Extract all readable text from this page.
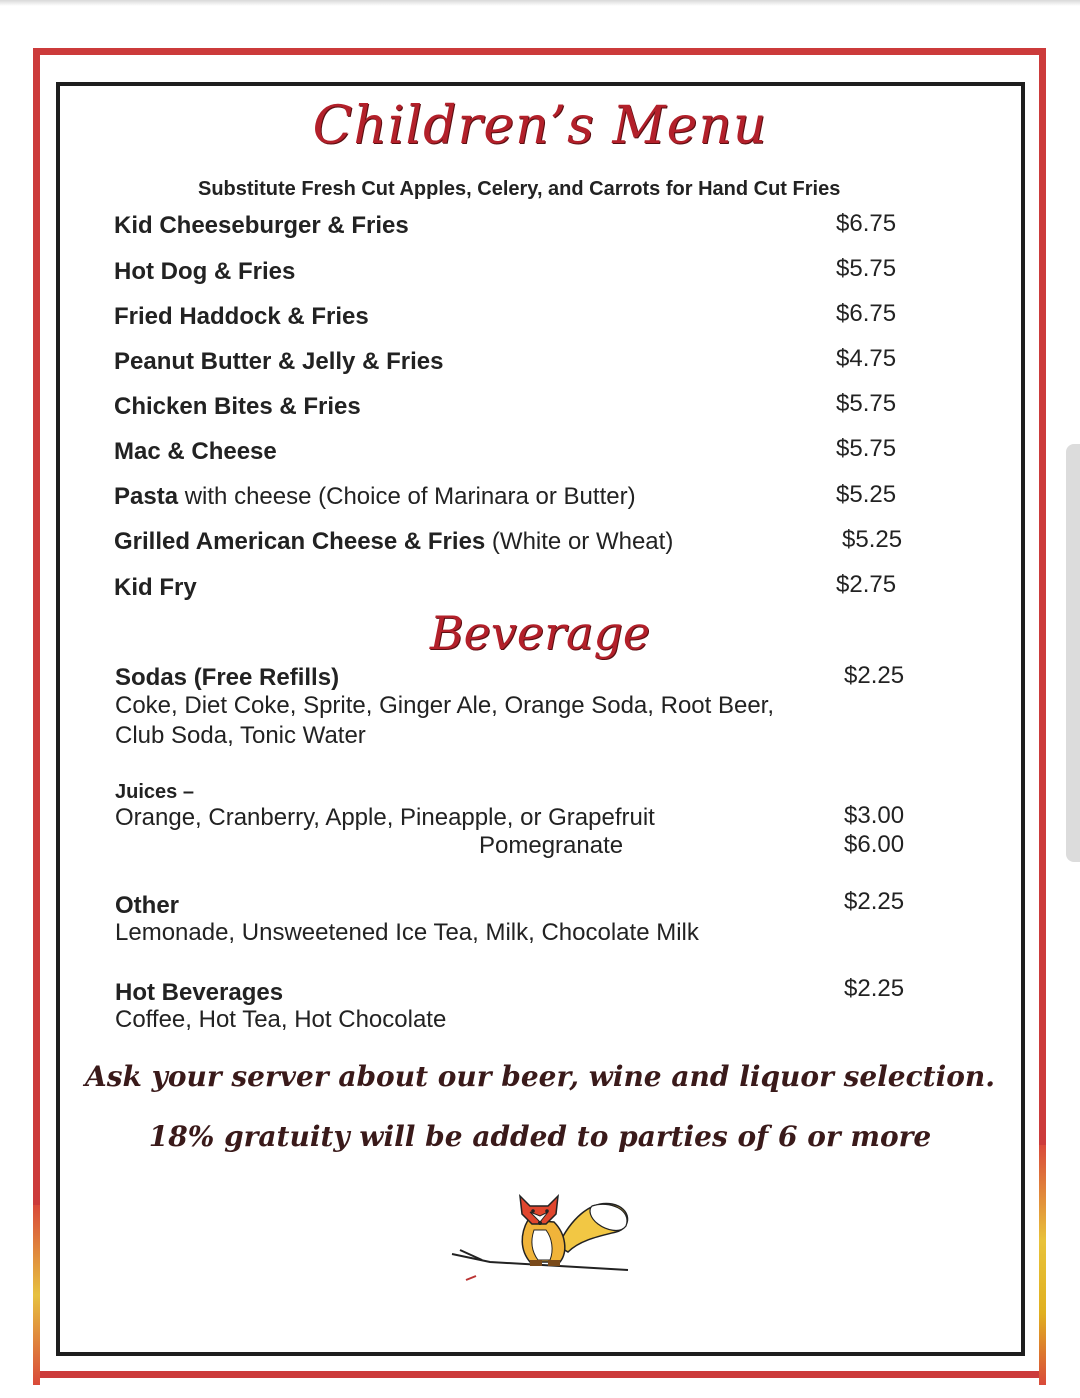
Children’s Menu
Substitute Fresh Cut Apples, Celery, and Carrots for Hand Cut Fries
Kid Cheeseburger & Fries	$6.75
Hot Dog & Fries	$5.75
Fried Haddock & Fries	$6.75
Peanut Butter & Jelly & Fries	$4.75
Chicken Bites & Fries	$5.75
Mac & Cheese	$5.75
Pasta with cheese (Choice of Marinara or Butter)	$5.25
Grilled American Cheese & Fries (White or Wheat)	$5.25
Kid Fry	$2.75
Beverage
Sodas (Free Refills)	$2.25
Coke, Diet Coke, Sprite, Ginger Ale, Orange Soda, Root Beer,
Club Soda, Tonic Water
Juices –
Orange, Cranberry, Apple, Pineapple, or Grapefruit	$3.00
Pomegranate	$6.00
Other	$2.25
Lemonade, Unsweetened Ice Tea, Milk, Chocolate Milk
Hot Beverages	$2.25
Coffee, Hot Tea, Hot Chocolate
Ask your server about our beer, wine and liquor selection.
18% gratuity will be added to parties of 6 or more
